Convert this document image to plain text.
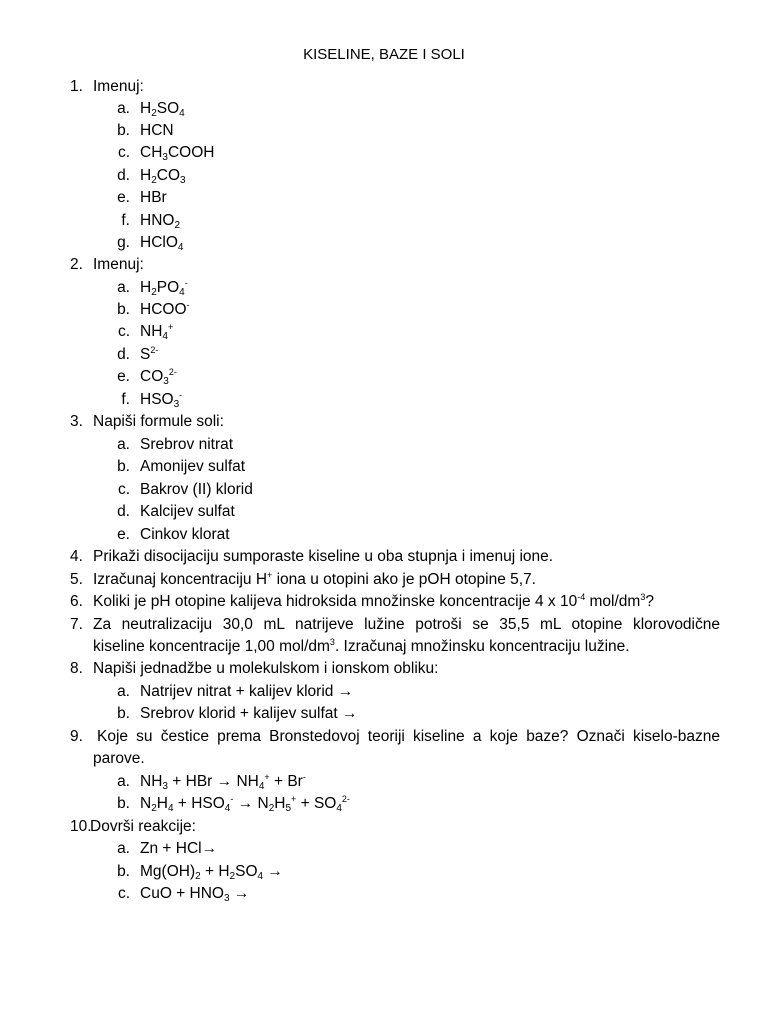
KISELINE, BAZE I SOLI
1. Imenuj:
a. $H_2SO_4$
b. HCN
c. $CH_3COOH$
d. $H_2CO_3$
e. HBr
f. $HNO_2$
g. HClO$_4$
2. Imenuj:
a. $H_2PO_4^-$
b. HCOO-
c. $NH_4^+$
d. $S^{2-}$
e. $CO_3^{2-}$
f. $HSO_3^-$
3. Napiši formule soli:
a. Srebrov nitrat
b. Amonijev sulfat
c. Bakrov (II) klorid
d. Kalcijev sulfat
e. Cinkov klorat
4. Prikaži disocijaciju sumporaste kiseline u oba stupnja i imenuj ione.
5. Izračunaj koncentraciju H+ iona u otopini ako je pOH otopine 5,7.
6. Koliki je pH otopine kalijeva hidroksida množinske koncentracije 4 x $10^{-4}$ mol/$dm^3$?
7. Za neutralizaciju 30,0 mL natrijeve lužine potroši se 35,5 mL otopine klorovodične
kiseline koncentracije 1,00 mol/$dm^3$. Izračunaj množinsku koncentraciju lužine.
8. Napiši jednadžbe u molekulskom i ionskom obliku:
a. Natrijev nitrat + kalijev klorid →
b. Srebrov klorid + kalijev sulfat →
9. Koje su čestice prema Bronstedovoj teoriji kiseline a koje baze? Označi kiselo-bazne
parove.
a. $NH_3$ + HBr → $NH_4^+ + Br^-$
b. $N_2H_4 + HSO_4^- \to N_2H_5^+ + SO_4^{2-}$
10.
Dovrši reakcije:
a. Zn + HCl→
b. $Mg(OH)_2 + H_2SO_4$ →
c. CuO + $HNO_3$ →
